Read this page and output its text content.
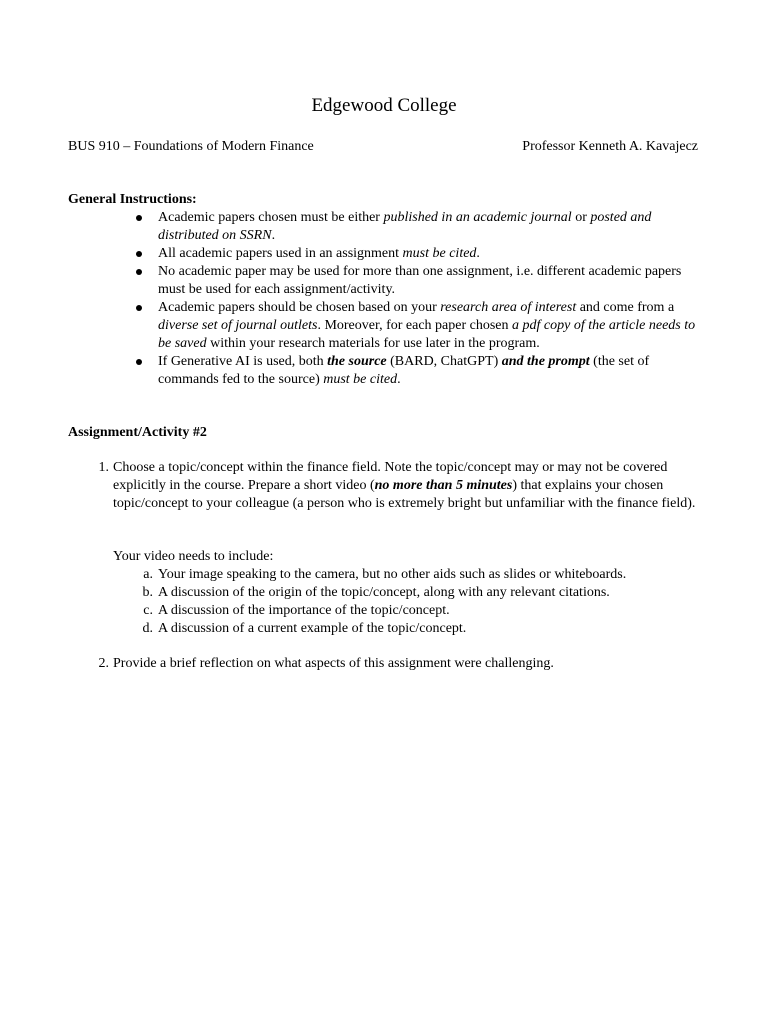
Edgewood College
BUS 910 – Foundations of Modern Finance	Professor Kenneth A. Kavajecz
General Instructions:
Academic papers chosen must be either published in an academic journal or posted and distributed on SSRN.
All academic papers used in an assignment must be cited.
No academic paper may be used for more than one assignment, i.e. different academic papers must be used for each assignment/activity.
Academic papers should be chosen based on your research area of interest and come from a diverse set of journal outlets. Moreover, for each paper chosen a pdf copy of the article needs to be saved within your research materials for use later in the program.
If Generative AI is used, both the source (BARD, ChatGPT) and the prompt (the set of commands fed to the source) must be cited.
Assignment/Activity #2

1. Choose a topic/concept within the finance field. Note the topic/concept may or may not be covered explicitly in the course. Prepare a short video (no more than 5 minutes) that explains your chosen topic/concept to your colleague (a person who is extremely bright but unfamiliar with the finance field).

Your video needs to include:
a. Your image speaking to the camera, but no other aids such as slides or whiteboards.
b. A discussion of the origin of the topic/concept, along with any relevant citations.
c. A discussion of the importance of the topic/concept.
d. A discussion of a current example of the topic/concept.

2. Provide a brief reflection on what aspects of this assignment were challenging.
